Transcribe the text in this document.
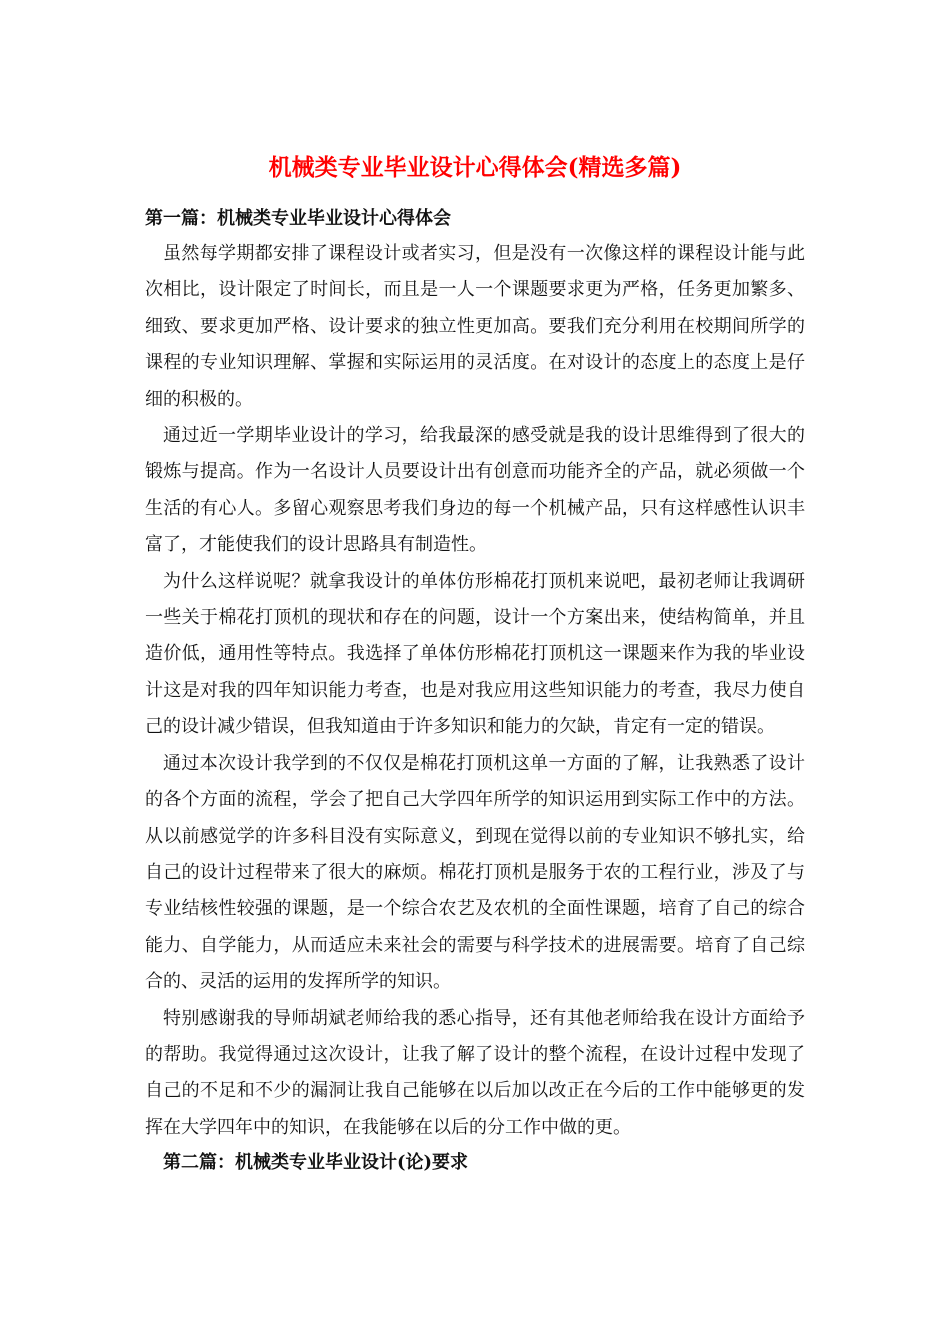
机械类专业毕业设计心得体会(精选多篇)
第一篇：机械类专业毕业设计心得体会

虽然每学期都安排了课程设计或者实习，但是没有一次像这样的课程设计能与此次相比，设计限定了时间长，而且是一人一个课题要求更为严格，任务更加繁多、细致、要求更加严格、设计要求的独立性更加高。要我们充分利用在校期间所学的课程的专业知识理解、掌握和实际运用的灵活度。在对设计的态度上的态度上是仔细的积极的。

通过近一学期毕业设计的学习，给我最深的感受就是我的设计思维得到了很大的锻炼与提高。作为一名设计人员要设计出有创意而功能齐全的产品，就必须做一个生活的有心人。多留心观察思考我们身边的每一个机械产品，只有这样感性认识丰富了，才能使我们的设计思路具有制造性。

为什么这样说呢？就拿我设计的单体仿形棉花打顶机来说吧，最初老师让我调研一些关于棉花打顶机的现状和存在的问题，设计一个方案出来，使结构简单，并且造价低，通用性等特点。我选择了单体仿形棉花打顶机这一课题来作为我的毕业设计这是对我的四年知识能力考查，也是对我应用这些知识能力的考查，我尽力使自己的设计减少错误，但我知道由于许多知识和能力的欠缺，肯定有一定的错误。

通过本次设计我学到的不仅仅是棉花打顶机这单一方面的了解，让我熟悉了设计的各个方面的流程，学会了把自己大学四年所学的知识运用到实际工作中的方法。从以前感觉学的许多科目没有实际意义，到现在觉得以前的专业知识不够扎实，给自己的设计过程带来了很大的麻烦。棉花打顶机是服务于农的工程行业，涉及了与专业结核性较强的课题，是一个综合农艺及农机的全面性课题，培育了自己的综合能力、自学能力，从而适应未来社会的需要与科学技术的进展需要。培育了自己综合的、灵活的运用的发挥所学的知识。

特别感谢我的导师胡斌老师给我的悉心指导，还有其他老师给我在设计方面给予的帮助。我觉得通过这次设计，让我了解了设计的整个流程，在设计过程中发现了自己的不足和不少的漏洞让我自己能够在以后加以改正在今后的工作中能够更的发挥在大学四年中的知识，在我能够在以后的分工作中做的更。

第二篇：机械类专业毕业设计(论)要求
